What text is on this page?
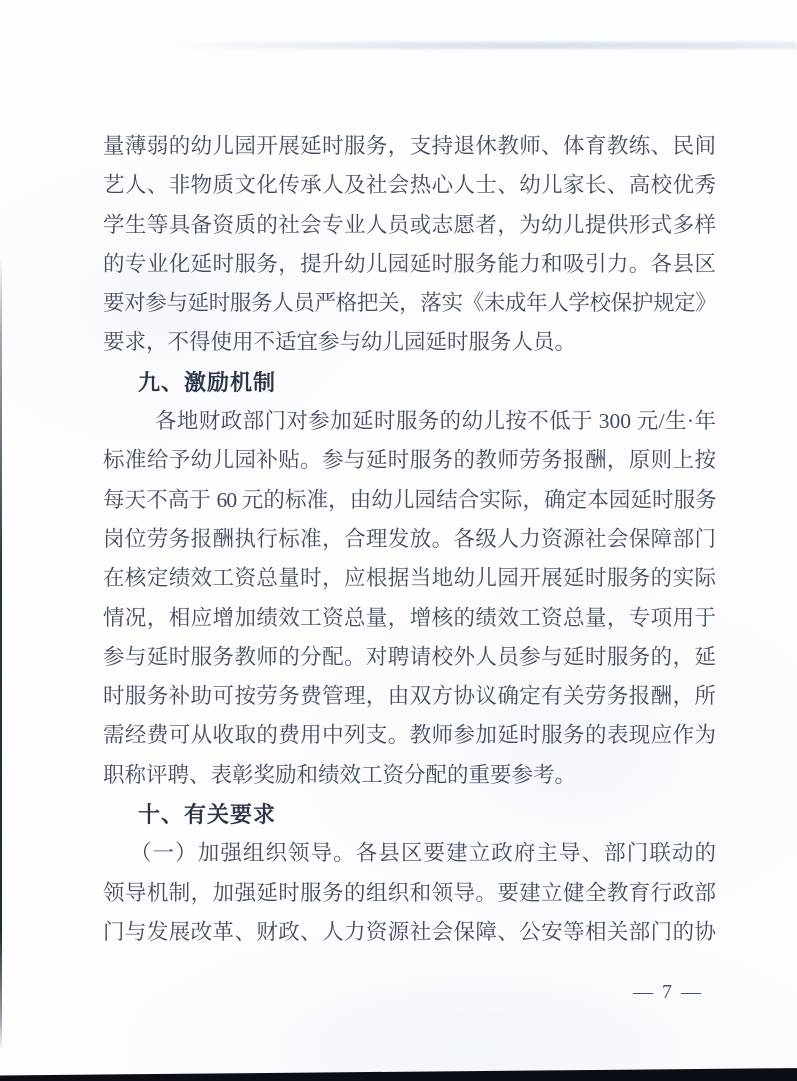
量薄弱的幼儿园开展延时服务，支持退休教师、体育教练、民间
艺人、非物质文化传承人及社会热心人士、幼儿家长、高校优秀
学生等具备资质的社会专业人员或志愿者，为幼儿提供形式多样
的专业化延时服务，提升幼儿园延时服务能力和吸引力。各县区
要对参与延时服务人员严格把关，落实《未成年人学校保护规定》
要求，不得使用不适宜参与幼儿园延时服务人员。
九、激励机制
各地财政部门对参加延时服务的幼儿按不低于 300 元/生·年
标准给予幼儿园补贴。参与延时服务的教师劳务报酬，原则上按
每天不高于 60 元的标准，由幼儿园结合实际，确定本园延时服务
岗位劳务报酬执行标准，合理发放。各级人力资源社会保障部门
在核定绩效工资总量时，应根据当地幼儿园开展延时服务的实际
情况，相应增加绩效工资总量，增核的绩效工资总量，专项用于
参与延时服务教师的分配。对聘请校外人员参与延时服务的，延
时服务补助可按劳务费管理，由双方协议确定有关劳务报酬，所
需经费可从收取的费用中列支。教师参加延时服务的表现应作为
职称评聘、表彰奖励和绩效工资分配的重要参考。
十、有关要求
（一）加强组织领导。各县区要建立政府主导、部门联动的
领导机制，加强延时服务的组织和领导。要建立健全教育行政部
门与发展改革、财政、人力资源社会保障、公安等相关部门的协
— 7 —
